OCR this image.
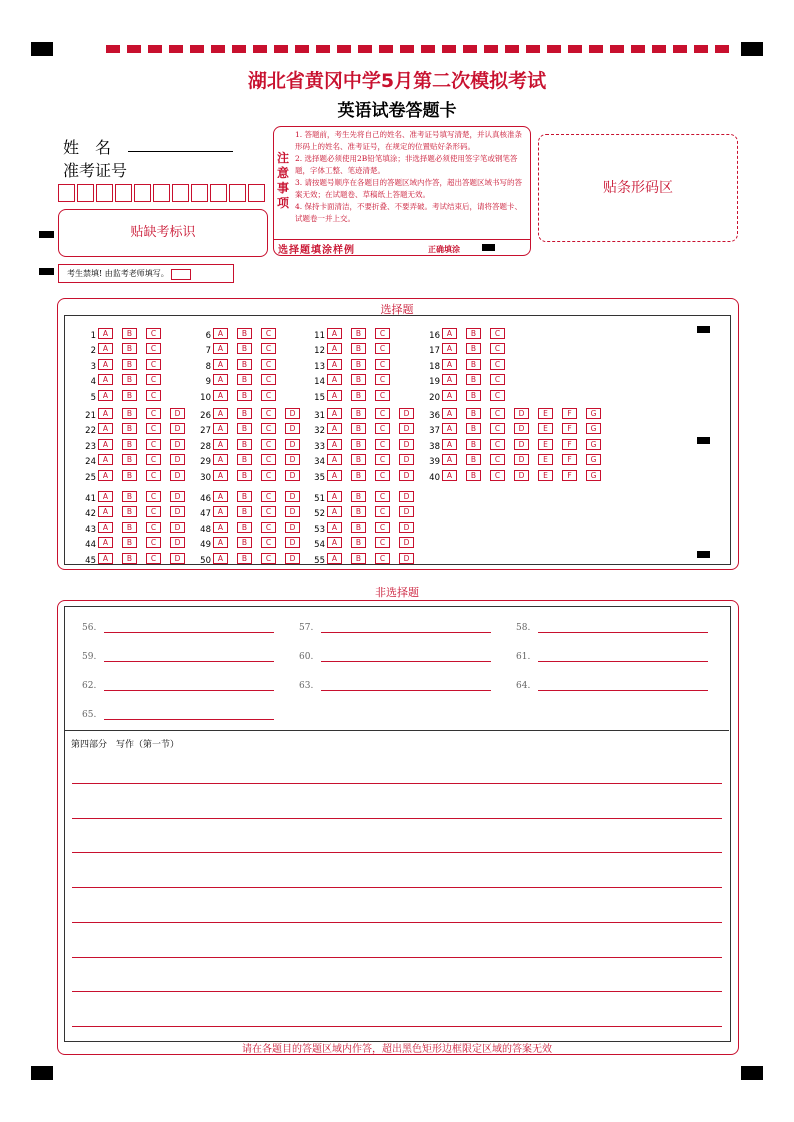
湖北省黄冈中学5月第二次模拟考试
英语试卷答题卡
姓　名
准考证号
贴缺考标识
考生禁填! 由监考老师填写。
注
意
事
项
1. 答题前，考生先将自己的姓名、准考证号填写清楚，并认真核准条形码上的姓名、准考证号，在规定的位置贴好条形码。
2. 选择题必须使用2B铅笔填涂；非选择题必须使用签字笔或钢笔答题，字体工整、笔迹清楚。
3. 请按题号顺序在各题目的答题区域内作答，超出答题区域书写的答案无效；在试题卷、草稿纸上答题无效。
4. 保持卡面清洁，不要折叠、不要弄破。考试结束后，请将答题卡、试题卷一并上交。
选择题填涂样例	正确填涂
贴条形码区
选择题
1 A	B	C
2 A	B	C
3 A	B	C
4 A	B	C
5 A	B	C
6 A	B	C
7 A	B	C
8 A	B	C
9 A	B	C
10 A	B	C
11 A	B	C
12 A	B	C
13 A	B	C
14 A	B	C
15 A	B	C
16 A	B	C
17 A	B	C
18 A	B	C
19 A	B	C
20 A	B	C
21 A	B	C D
22 A	B	C D
23 A	B	C D
24 A	B	C D
25 A	B	C D
26 A	B	C D
27 A	B	C D
28 A	B	C D
29 A	B	C D
30 A	B	C D
31 A	B	C D
32 A	B	C D
33 A	B	C D
34 A	B	C D
35 A	B	C D
36 A	B	C D E	F	G
37 A	B	C D E	F	G
38 A	B	C D E	F	G
39 A	B	C D E	F	G
40 A	B	C D E	F	G
41 A	B	C D
42 A	B	C D
43 A	B	C D
44 A	B	C D
45 A	B	C D
46 A	B	C D
47 A	B	C D
48 A	B	C D
49 A	B	C D
50 A	B	C D
51 A	B	C D
52 A	B	C D
53 A	B	C D
54 A	B	C D
55 A	B	C D
非选择题
56.	57.	58.
59.	60.	61.
62.	63.	64.
65.
第四部分　写作（第一节）
请在各题目的答题区域内作答，超出黑色矩形边框限定区域的答案无效
